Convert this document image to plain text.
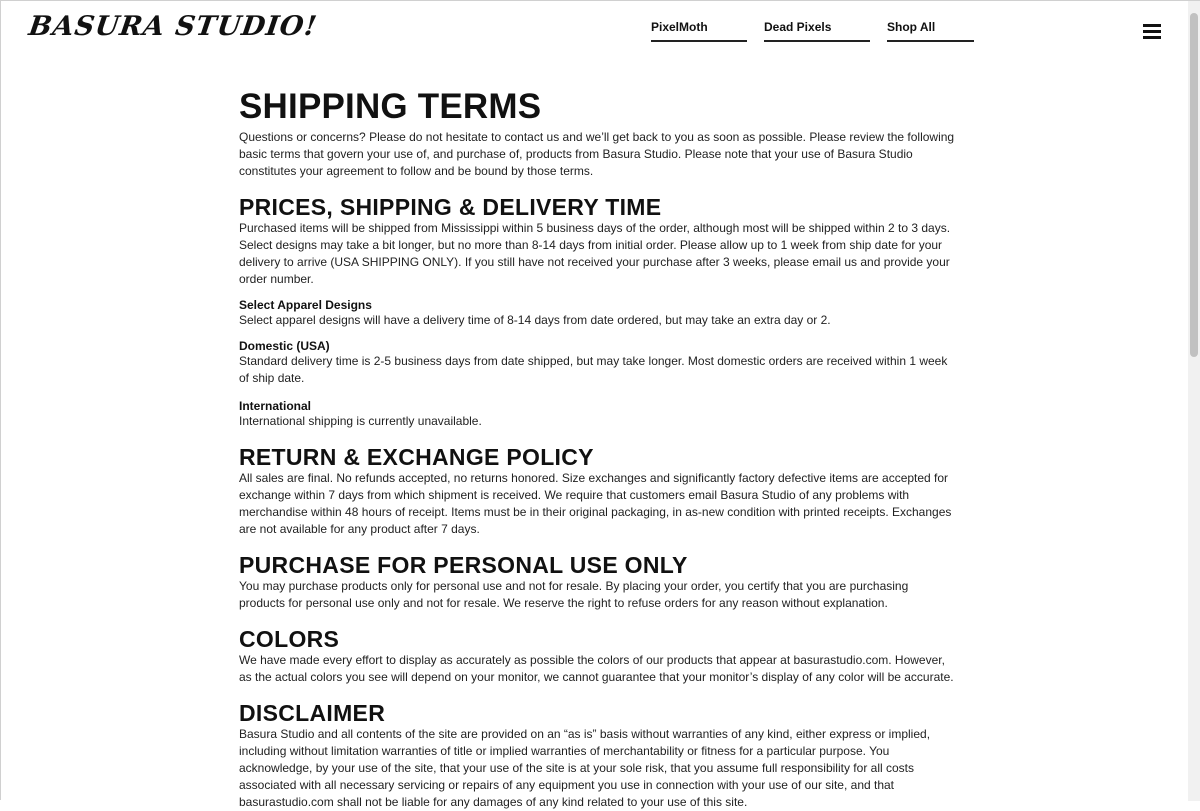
BASURA STUDIO!	PixelMoth	Dead Pixels	Shop All
SHIPPING TERMS

Questions or concerns? Please do not hesitate to contact us and we’ll get back to you as soon as possible. Please review the following basic terms that govern your use of, and purchase of, products from Basura Studio. Please note that your use of Basura Studio constitutes your agreement to follow and be bound by those terms.

PRICES, SHIPPING & DELIVERY TIME

Purchased items will be shipped from Mississippi within 5 business days of the order, although most will be shipped within 2 to 3 days. Select designs may take a bit longer, but no more than 8-14 days from initial order. Please allow up to 1 week from ship date for your delivery to arrive (USA SHIPPING ONLY). If you still have not received your purchase after 3 weeks, please email us and provide your order number.

Select Apparel Designs

Select apparel designs will have a delivery time of 8-14 days from date ordered, but may take an extra day or 2.

Domestic (USA)

Standard delivery time is 2-5 business days from date shipped, but may take longer. Most domestic orders are received within 1 week of ship date.

International

International shipping is currently unavailable.

RETURN & EXCHANGE POLICY

All sales are final. No refunds accepted, no returns honored. Size exchanges and significantly factory defective items are accepted for exchange within 7 days from which shipment is received. We require that customers email Basura Studio of any problems with merchandise within 48 hours of receipt. Items must be in their original packaging, in as-new condition with printed receipts. Exchanges are not available for any product after 7 days.

PURCHASE FOR PERSONAL USE ONLY

You may purchase products only for personal use and not for resale. By placing your order, you certify that you are purchasing products for personal use only and not for resale. We reserve the right to refuse orders for any reason without explanation.

COLORS

We have made every effort to display as accurately as possible the colors of our products that appear at basurastudio.com. However, as the actual colors you see will depend on your monitor, we cannot guarantee that your monitor’s display of any color will be accurate.

DISCLAIMER

Basura Studio and all contents of the site are provided on an “as is” basis without warranties of any kind, either express or implied, including without limitation warranties of title or implied warranties of merchantability or fitness for a particular purpose. You acknowledge, by your use of the site, that your use of the site is at your sole risk, that you assume full responsibility for all costs associated with all necessary servicing or repairs of any equipment you use in connection with your use of our site, and that basurastudio.com shall not be liable for any damages of any kind related to your use of this site.
